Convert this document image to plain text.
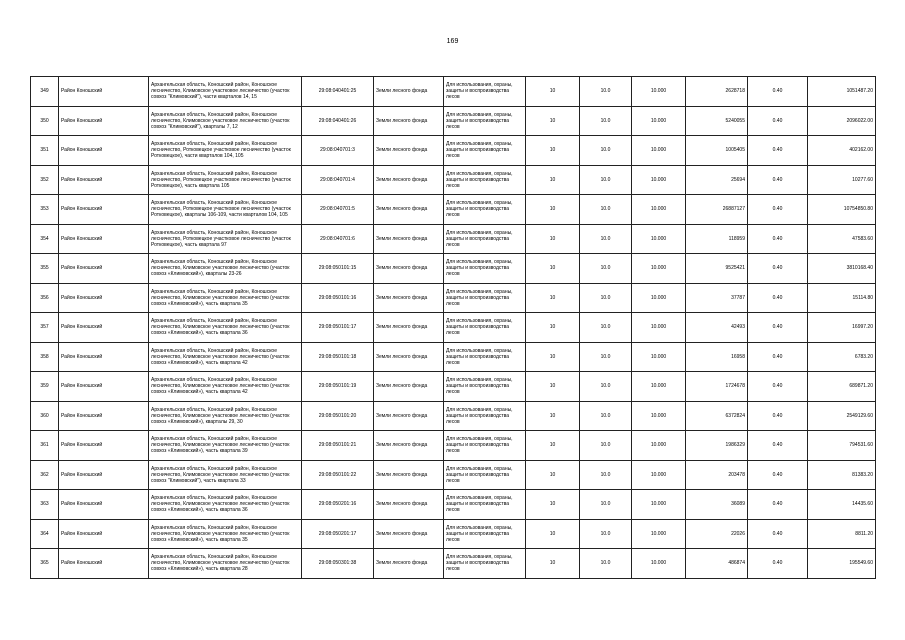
169
349	Район Коношский	Архангельская область, Коношский район, Коношское лесничество, Климовское участковое лесничество (участок совхоз "Климовский"), части кварталов 14, 15	29:08:040401:25	Земли лесного фонда	Для использования, охраны, защиты и воспроизводства лесов	10	10.0	10.000	2628718	0.40	1051487.20
350	Район Коношский	Архангельская область, Коношский район, Коношское лесничество, Климовское участковое лесничество (участок совхоз "Климовский"), кварталы 7, 12	29:08:040401:26	Земли лесного фонда	Для использования, охраны, защиты и воспроизводства лесов	10	10.0	10.000	5240055	0.40	2096022.00
351	Район Коношский	Архангельская область, Коношский район, Коношское лесничество, Ротковецкое участковое лесничество (участок Ротковецкое), части кварталов 104, 105	29:08:040701:3	Земли лесного фонда	Для использования, охраны, защиты и воспроизводства лесов	10	10.0	10.000	1005405	0.40	402162.00
352	Район Коношский	Архангельская область, Коношский район, Коношское лесничество, Ротковецкое участковое лесничество (участок Ротковецкое), часть квартала 105	29:08:040701:4	Земли лесного фонда	Для использования, охраны, защиты и воспроизводства лесов	10	10.0	10.000	25694	0.40	10277.60
353	Район Коношский	Архангельская область, Коношский район, Коношское лесничество, Ротковецкое участковое лесничество (участок Ротковецкое), кварталы 106-109, части кварталов 104, 105	29:08:040701:5	Земли лесного фонда	Для использования, охраны, защиты и воспроизводства лесов	10	10.0	10.000	26887127	0.40	10754850.80
354	Район Коношский	Архангельская область, Коношский район, Коношское лесничество, Ротковецкое участковое лесничество (участок Ротковецкое), часть квартала 97	29:08:040701:6	Земли лесного фонда	Для использования, охраны, защиты и воспроизводства лесов	10	10.0	10.000	118959	0.40	47583.60
355	Район Коношский	Архангельская область, Коношский район, Коношское лесничество, Климовское участковое лесничество (участок совхоз «Климовский»), кварталы 23-26	29:08:050101:15	Земли лесного фонда	Для использования, охраны, защиты и воспроизводства лесов	10	10.0	10.000	9525421	0.40	3810168.40
356	Район Коношский	Архангельская область, Коношский район, Коношское лесничество, Климовское участковое лесничество (участок совхоз «Климовский»), часть квартала 35	29:08:050101:16	Земли лесного фонда	Для использования, охраны, защиты и воспроизводства лесов	10	10.0	10.000	37787	0.40	15114.80
357	Район Коношский	Архангельская область, Коношский район, Коношское лесничество, Климовское участковое лесничество (участок совхоз «Климовский»), часть квартала 36	29:08:050101:17	Земли лесного фонда	Для использования, охраны, защиты и воспроизводства лесов	10	10.0	10.000	42493	0.40	16997.20
358	Район Коношский	Архангельская область, Коношский район, Коношское лесничество, Климовское участковое лесничество (участок совхоз «Климовский»), часть квартала 42	29:08:050101:18	Земли лесного фонда	Для использования, охраны, защиты и воспроизводства лесов	10	10.0	10.000	16958	0.40	6783.20
359	Район Коношский	Архангельская область, Коношский район, Коношское лесничество, Климовское участковое лесничество (участок совхоз «Климовский»), часть квартала 42	29:08:050101:19	Земли лесного фонда	Для использования, охраны, защиты и воспроизводства лесов	10	10.0	10.000	1724678	0.40	689871.20
360	Район Коношский	Архангельская область, Коношский район, Коношское лесничество, Климовское участковое лесничество (участок совхоз «Климовский»), кварталы 29, 30	29:08:050101:20	Земли лесного фонда	Для использования, охраны, защиты и воспроизводства лесов	10	10.0	10.000	6372824	0.40	2549129.60
361	Район Коношский	Архангельская область, Коношский район, Коношское лесничество, Климовское участковое лесничество (участок совхоз «Климовский»), часть квартала 39	29:08:050101:21	Земли лесного фонда	Для использования, охраны, защиты и воспроизводства лесов	10	10.0	10.000	1986329	0.40	794531.60
362	Район Коношский	Архангельская область, Коношский район, Коношское лесничество, Климовское участковое лесничество (участок совхоз "Климовский"), часть квартала 33	29:08:050101:22	Земли лесного фонда	Для использования, охраны, защиты и воспроизводства лесов	10	10.0	10.000	203478	0.40	81383.20
363	Район Коношский	Архангельская область, Коношский район, Коношское лесничество, Климовское участковое лесничество (участок совхоз «Климовский»), часть квартала 36	29:08:050201:16	Земли лесного фонда	Для использования, охраны, защиты и воспроизводства лесов	10	10.0	10.000	36089	0.40	14435.60
364	Район Коношский	Архангельская область, Коношский район, Коношское лесничество, Климовское участковое лесничество (участок совхоз «Климовский»), часть квартала 35	29:08:050201:17	Земли лесного фонда	Для использования, охраны, защиты и воспроизводства лесов	10	10.0	10.000	22026	0.40	8811.20
365	Район Коношский	Архангельская область, Коношский район, Коношское лесничество, Климовское участковое лесничество (участок совхоз «Климовский»), часть квартала 28	29:08:050301:38	Земли лесного фонда	Для использования, охраны, защиты и воспроизводства лесов	10	10.0	10.000	486874	0.40	195549.60
